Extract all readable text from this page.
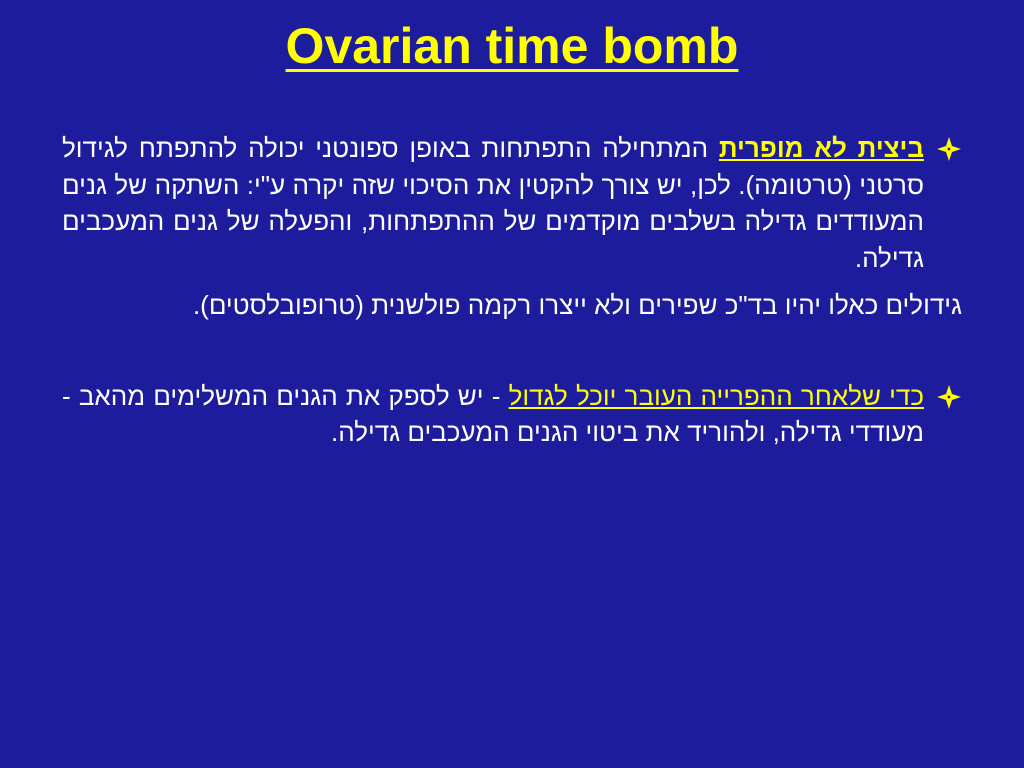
Ovarian time bomb
ביצית לא מופרית המתחילה התפתחות באופן ספונטני יכולה להתפתח לגידול סרטני (טרטומה). לכן, יש צורך להקטין את הסיכוי שזה יקרה ע"י: השתקה של גנים המעודדים גדילה בשלבים מוקדמים של ההתפתחות, והפעלה של גנים המעכבים גדילה.
גידולים כאלו יהיו בד"כ שפירים ולא ייצרו רקמה פולשנית (טרופובלסטים).
כדי שלאחר ההפרייה העובר יוכל לגדול - יש לספק את הגנים המשלימים מהאב - מעודדי גדילה, ולהוריד את ביטוי הגנים המעכבים גדילה.
